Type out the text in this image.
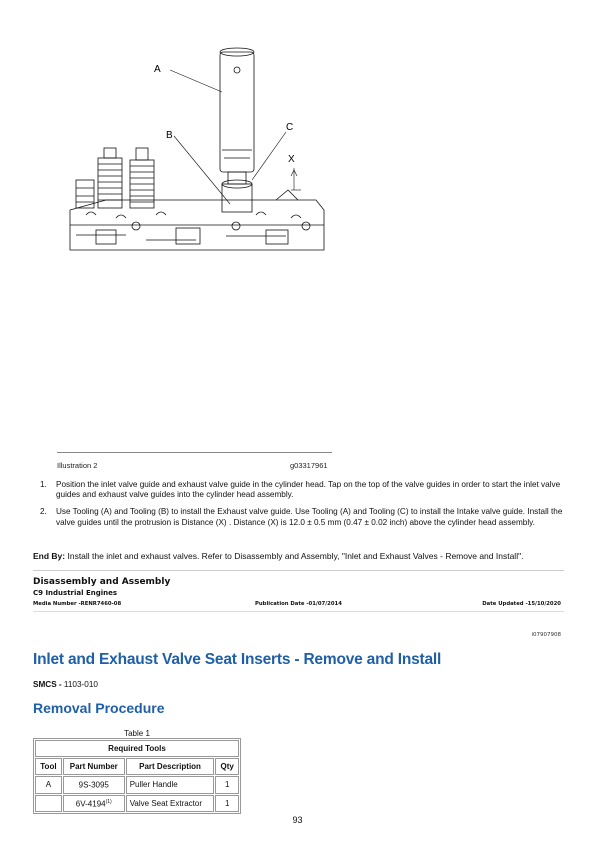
A
B
C
X
Illustration 2	g03317961
1. Position the inlet valve guide and exhaust valve guide in the cylinder head. Tap on the top of the valve guides in order to start the inlet valve guides and exhaust valve guides into the cylinder head assembly.
2. Use Tooling (A) and Tooling (B) to install the Exhaust valve guide. Use Tooling (A) and Tooling (C) to install the Intake valve guide. Install the valve guides until the protrusion is Distance (X) . Distance (X) is 12.0 ± 0.5 mm (0.47 ± 0.02 inch) above the cylinder head assembly.
End By: Install the inlet and exhaust valves. Refer to Disassembly and Assembly, "Inlet and Exhaust Valves - Remove and Install".
Disassembly and Assembly
C9 Industrial Engines
Media Number -RENR7460-08	Publication Date -01/07/2014	Date Updated -15/10/2020
i07907908
Inlet and Exhaust Valve Seat Inserts - Remove and Install
SMCS - 1103-010
Removal Procedure
Table 1
Required Tools			
Tool	Part Number	Part Description	Qty
A	9S-3095	Puller Handle	1
	6V-4194$^{(1)}$	Valve Seat Extractor	1
93
